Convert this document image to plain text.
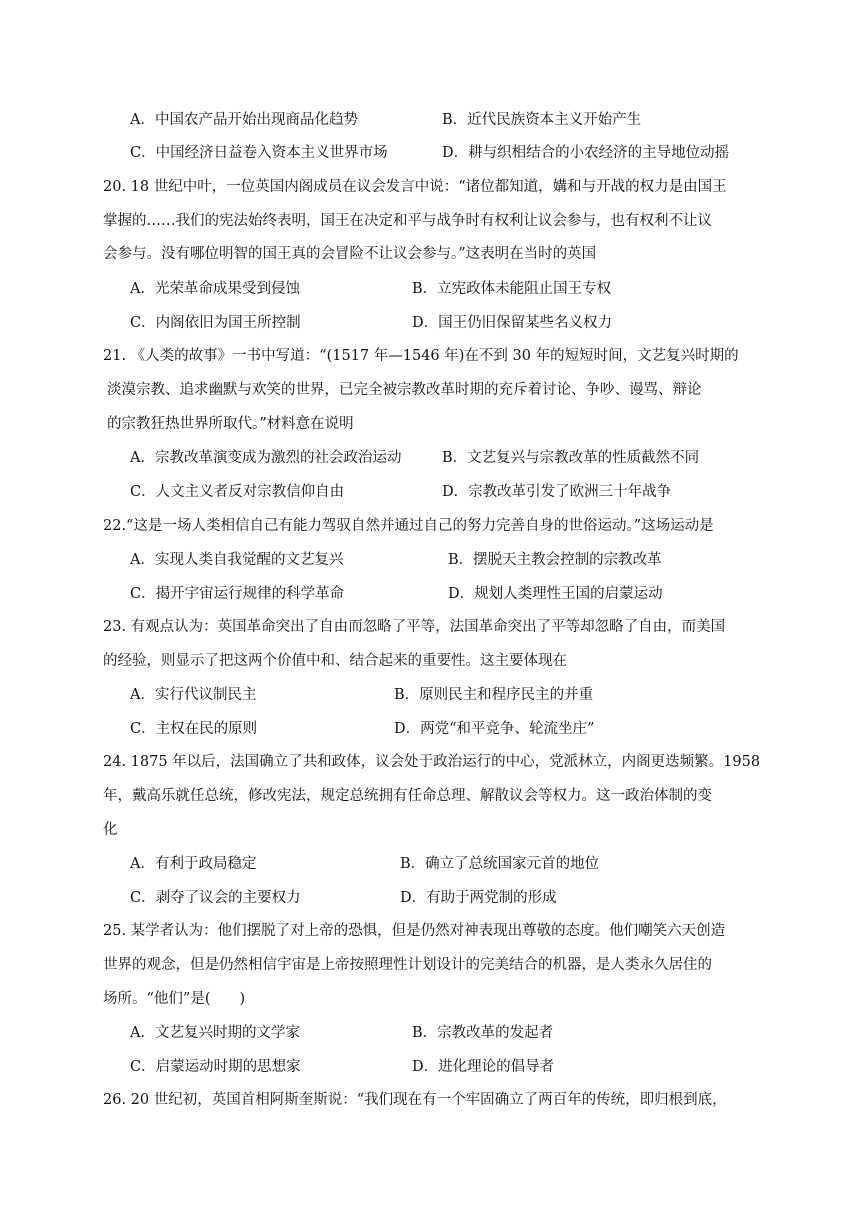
A．中国农产品开始出现商品化趋势	B．近代民族资本主义开始产生
C．中国经济日益卷入资本主义世界市场	D．耕与织相结合的小农经济的主导地位动摇
20. 18 世纪中叶，一位英国内阁成员在议会发言中说：“诸位都知道，媾和与开战的权力是由国王
掌握的……我们的宪法始终表明，国王在决定和平与战争时有权利让议会参与，也有权利不让议
会参与。没有哪位明智的国王真的会冒险不让议会参与。”这表明在当时的英国
A．光荣革命成果受到侵蚀	B．立宪政体未能阻止国王专权
C．内阁依旧为国王所控制	D．国王仍旧保留某些名义权力
21. 《人类的故事》一书中写道：“(1517 年—1546 年)在不到 30 年的短短时间，文艺复兴时期的
淡漠宗教、追求幽默与欢笑的世界，已完全被宗教改革时期的充斥着讨论、争吵、谩骂、辩论
的宗教狂热世界所取代。”材料意在说明
A．宗教改革演变成为激烈的社会政治运动	B．文艺复兴与宗教改革的性质截然不同
C．人文主义者反对宗教信仰自由	D．宗教改革引发了欧洲三十年战争
22.“这是一场人类相信自己有能力驾驭自然并通过自己的努力完善自身的世俗运动。”这场运动是
A．实现人类自我觉醒的文艺复兴	B．摆脱天主教会控制的宗教改革
C．揭开宇宙运行规律的科学革命	D．规划人类理性王国的启蒙运动
23. 有观点认为：英国革命突出了自由而忽略了平等，法国革命突出了平等却忽略了自由，而美国
的经验，则显示了把这两个价值中和、结合起来的重要性。这主要体现在
A．实行代议制民主	B．原则民主和程序民主的并重
C．主权在民的原则	D．两党“和平竞争、轮流坐庄”
24. 1875 年以后，法国确立了共和政体，议会处于政治运行的中心，党派林立，内阁更迭频繁。1958
年，戴高乐就任总统，修改宪法，规定总统拥有任命总理、解散议会等权力。这一政治体制的变
化
A．有利于政局稳定	B．确立了总统国家元首的地位
C．剥夺了议会的主要权力	D．有助于两党制的形成
25. 某学者认为：他们摆脱了对上帝的恐惧，但是仍然对神表现出尊敬的态度。他们嘲笑六天创造
世界的观念，但是仍然相信宇宙是上帝按照理性计划设计的完美结合的机器，是人类永久居住的
场所。“他们”是(　　)
A．文艺复兴时期的文学家	B．宗教改革的发起者
C．启蒙运动时期的思想家	D．进化理论的倡导者
26. 20 世纪初，英国首相阿斯奎斯说：“我们现在有一个牢固确立了两百年的传统，即归根到底，
